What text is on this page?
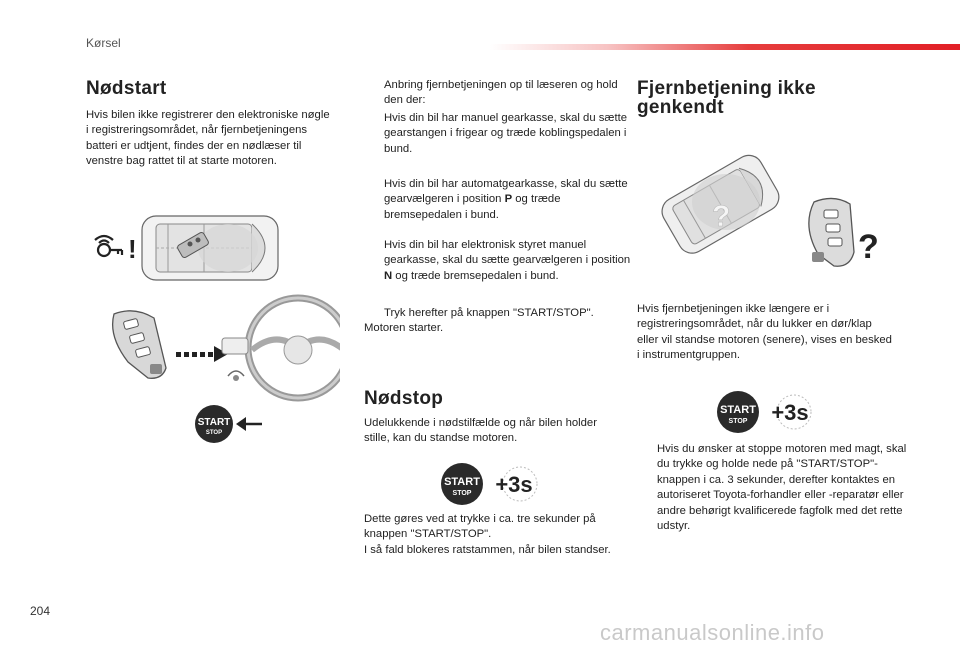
Kørsel
Nødstart
Hvis bilen ikke registrerer den elektroniske nøgle i registreringsområdet, når fjernbetjeningens batteri er udtjent, findes der en nødlæser til venstre bag rattet til at starte motoren.
!
START
STOP
Anbring fjernbetjeningen op til læseren og hold den der:
Hvis din bil har manuel gearkasse, skal du sætte gearstangen i frigear og træde koblingspedalen i bund.
Hvis din bil har automatgearkasse, skal du sætte gearvælgeren i position P og træde bremsepedalen i bund.
Hvis din bil har elektronisk styret manuel gearkasse, skal du sætte gearvælgeren i position N og træde bremsepedalen i bund.
Tryk herefter på knappen "START/STOP".
Motoren starter.
Nødstop
Udelukkende i nødstilfælde og når bilen holder stille, kan du standse motoren.
START
STOP +3s
Dette gøres ved at trykke i ca. tre sekunder på knappen "START/STOP".
I så fald blokeres ratstammen, når bilen standser.
Fjernbetjening ikke
genkendt
?
?
Hvis fjernbetjeningen ikke længere er i registreringsområdet, når du lukker en dør/klap eller vil standse motoren (senere), vises en besked i instrumentgruppen.
START
STOP +3s
Hvis du ønsker at stoppe motoren med magt, skal du trykke og holde nede på "START/STOP"-knappen i ca. 3 sekunder, derefter kontaktes en autoriseret Toyota-forhandler eller -reparatør eller andre behørigt kvalificerede fagfolk med det rette udstyr.
204
carmanualsonline.info
